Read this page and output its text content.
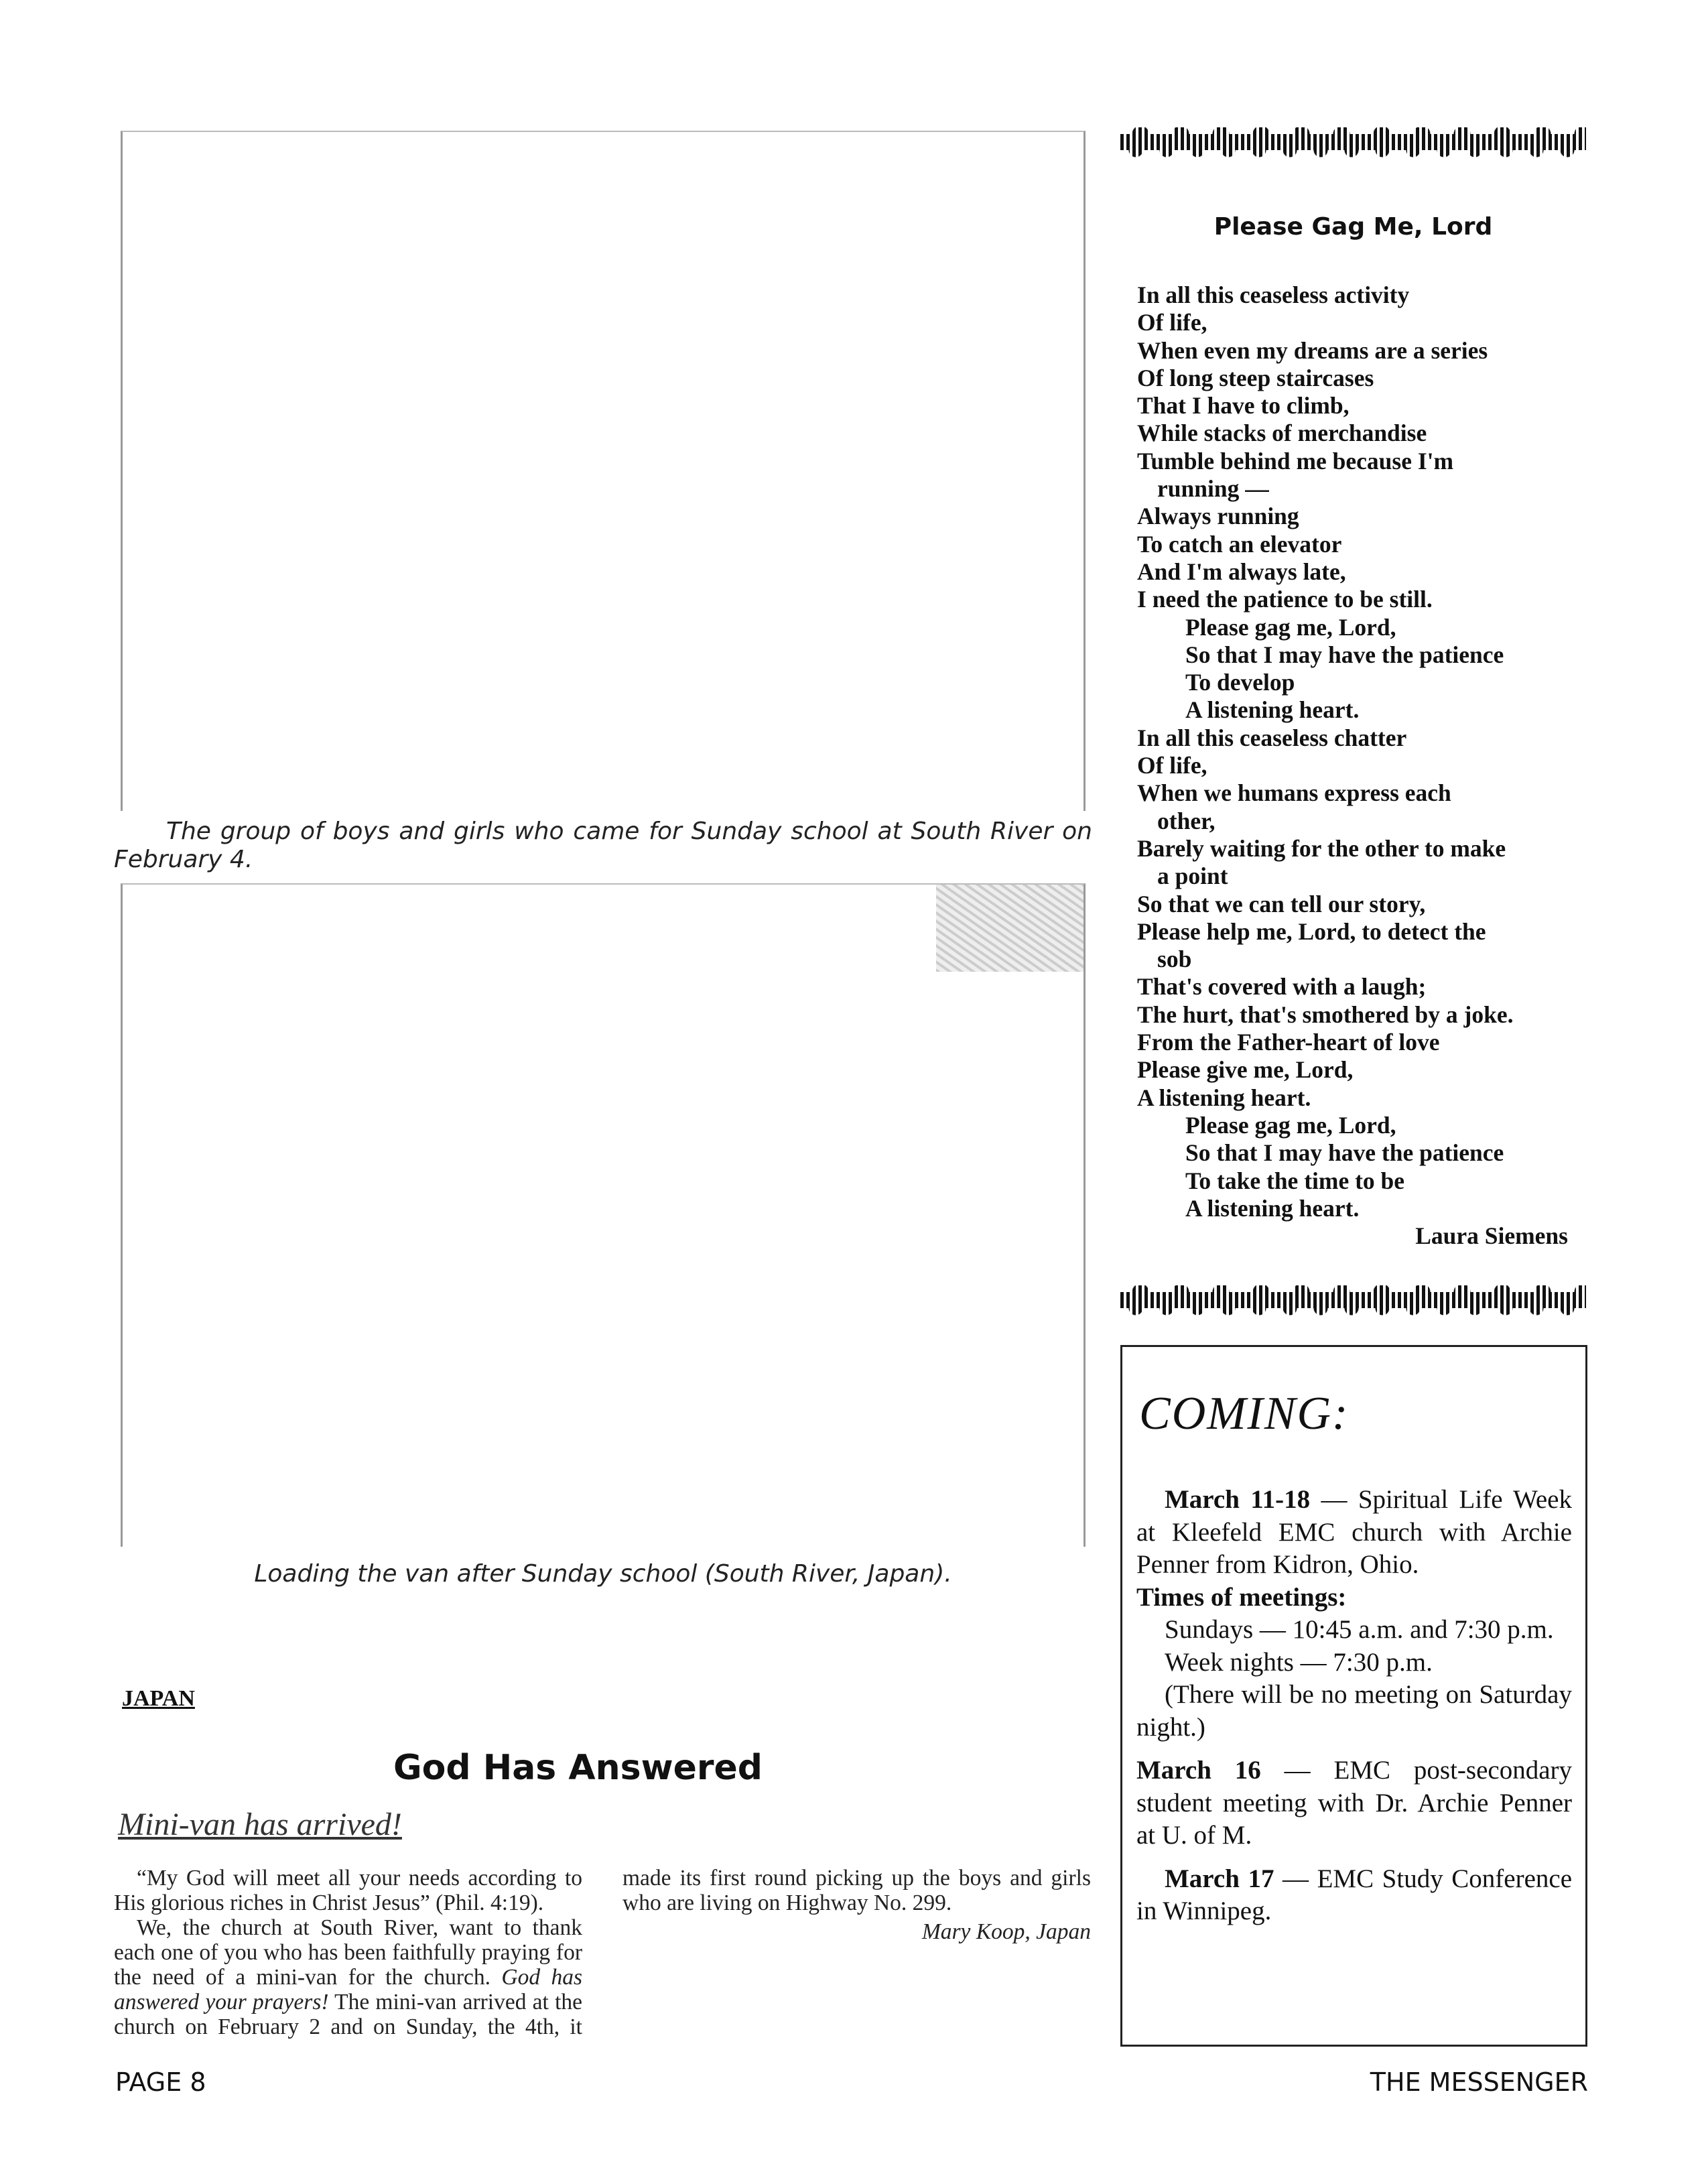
The group of boys and girls who came for Sunday school at South River on February 4.
Loading the van after Sunday school (South River, Japan).
Please Gag Me, Lord
In all this ceaseless activity
Of life,
When even my dreams are a series
Of long steep staircases
That I have to climb,
While stacks of merchandise
Tumble behind me because I'm
running —
Always running
To catch an elevator
And I'm always late,
I need the patience to be still.
Please gag me, Lord,
So that I may have the patience
To develop
A listening heart.
In all this ceaseless chatter
Of life,
When we humans express each
other,
Barely waiting for the other to make
a point
So that we can tell our story,
Please help me, Lord, to detect the
sob
That's covered with a laugh;
The hurt, that's smothered by a joke.
From the Father-heart of love
Please give me, Lord,
A listening heart.
Please gag me, Lord,
So that I may have the patience
To take the time to be
A listening heart.
Laura Siemens
COMING:

March 11-18 — Spiritual Life Week at Kleefeld EMC church with Archie Penner from Kidron, Ohio.

Times of meetings:

Sundays — 10:45 a.m. and 7:30 p.m.

Week nights — 7:30 p.m.

(There will be no meeting on Saturday night.)

March 16 — EMC post-secondary student meeting with Dr. Archie Penner at U. of M.

March 17 — EMC Study Conference in Winnipeg.

JAPAN
God Has Answered
Mini-van has arrived!

“My God will meet all your needs according to His glorious riches in Christ Jesus” (Phil. 4:19).

We, the church at South River, want to thank each one of you who has been faithfully praying for the need of a mini-van for the church. God has answered your prayers! The mini-van arrived at the church on February 2 and on Sunday, the 4th, it made its first round picking up the boys and girls who are living on Highway No. 299.

Mary Koop, Japan

PAGE 8	THE MESSENGER
